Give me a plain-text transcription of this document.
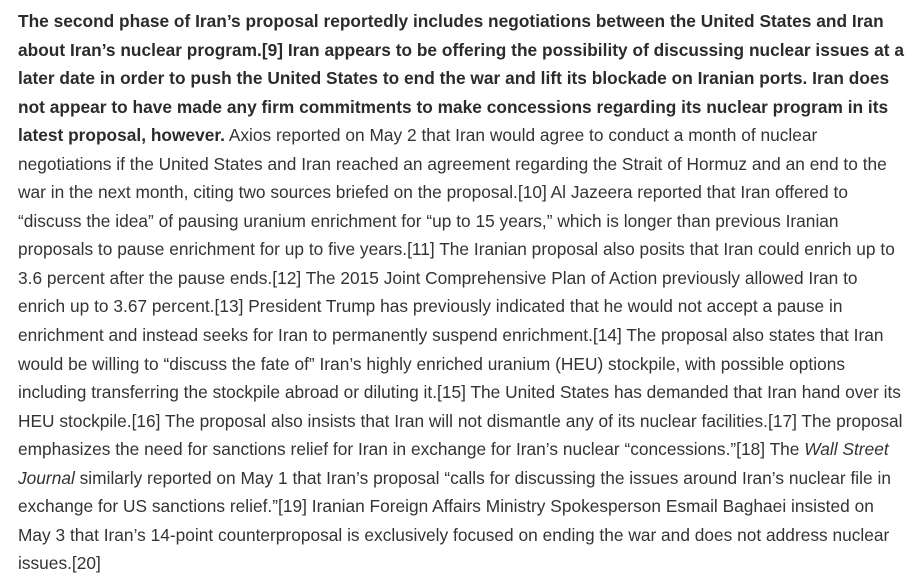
The second phase of Iran’s proposal reportedly includes negotiations between the United States and Iran about Iran’s nuclear program.[9] Iran appears to be offering the possibility of discussing nuclear issues at a later date in order to push the United States to end the war and lift its blockade on Iranian ports. Iran does not appear to have made any firm commitments to make concessions regarding its nuclear program in its latest proposal, however. Axios reported on May 2 that Iran would agree to conduct a month of nuclear negotiations if the United States and Iran reached an agreement regarding the Strait of Hormuz and an end to the war in the next month, citing two sources briefed on the proposal.[10] Al Jazeera reported that Iran offered to “discuss the idea” of pausing uranium enrichment for “up to 15 years,” which is longer than previous Iranian proposals to pause enrichment for up to five years.[11] The Iranian proposal also posits that Iran could enrich up to 3.6 percent after the pause ends.[12] The 2015 Joint Comprehensive Plan of Action previously allowed Iran to enrich up to 3.67 percent.[13] President Trump has previously indicated that he would not accept a pause in enrichment and instead seeks for Iran to permanently suspend enrichment.[14] The proposal also states that Iran would be willing to “discuss the fate of” Iran’s highly enriched uranium (HEU) stockpile, with possible options including transferring the stockpile abroad or diluting it.[15] The United States has demanded that Iran hand over its HEU stockpile.[16] The proposal also insists that Iran will not dismantle any of its nuclear facilities.[17] The proposal emphasizes the need for sanctions relief for Iran in exchange for Iran’s nuclear “concessions.”[18] The Wall Street Journal similarly reported on May 1 that Iran’s proposal “calls for discussing the issues around Iran’s nuclear file in exchange for US sanctions relief.”[19] Iranian Foreign Affairs Ministry Spokesperson Esmail Baghaei insisted on May 3 that Iran’s 14-point counterproposal is exclusively focused on ending the war and does not address nuclear issues.[20]
